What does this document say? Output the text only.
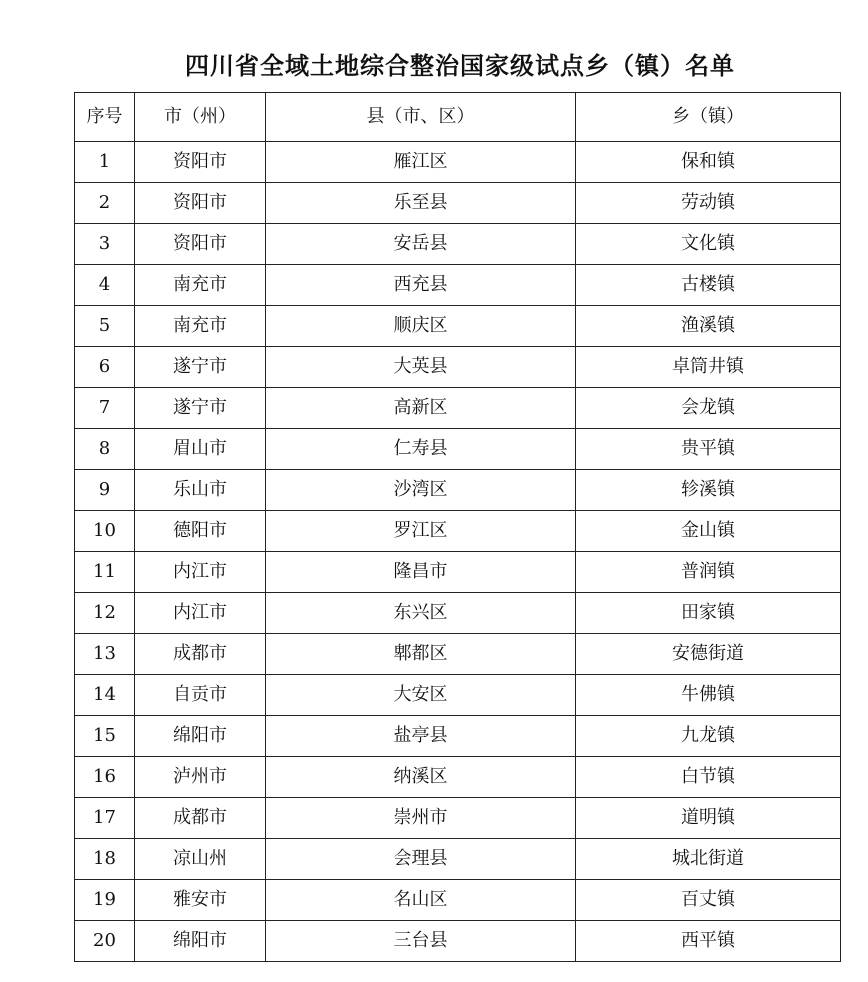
四川省全域土地综合整治国家级试点乡（镇）名单
序号	市（州）	县（市、区）	乡（镇）
1	资阳市	雁江区	保和镇
2	资阳市	乐至县	劳动镇
3	资阳市	安岳县	文化镇
4	南充市	西充县	古楼镇
5	南充市	顺庆区	渔溪镇
6	遂宁市	大英县	卓筒井镇
7	遂宁市	高新区	会龙镇
8	眉山市	仁寿县	贵平镇
9	乐山市	沙湾区	轸溪镇
10	德阳市	罗江区	金山镇
11	内江市	隆昌市	普润镇
12	内江市	东兴区	田家镇
13	成都市	郫都区	安德街道
14	自贡市	大安区	牛佛镇
15	绵阳市	盐亭县	九龙镇
16	泸州市	纳溪区	白节镇
17	成都市	崇州市	道明镇
18	凉山州	会理县	城北街道
19	雅安市	名山区	百丈镇
20	绵阳市	三台县	西平镇
